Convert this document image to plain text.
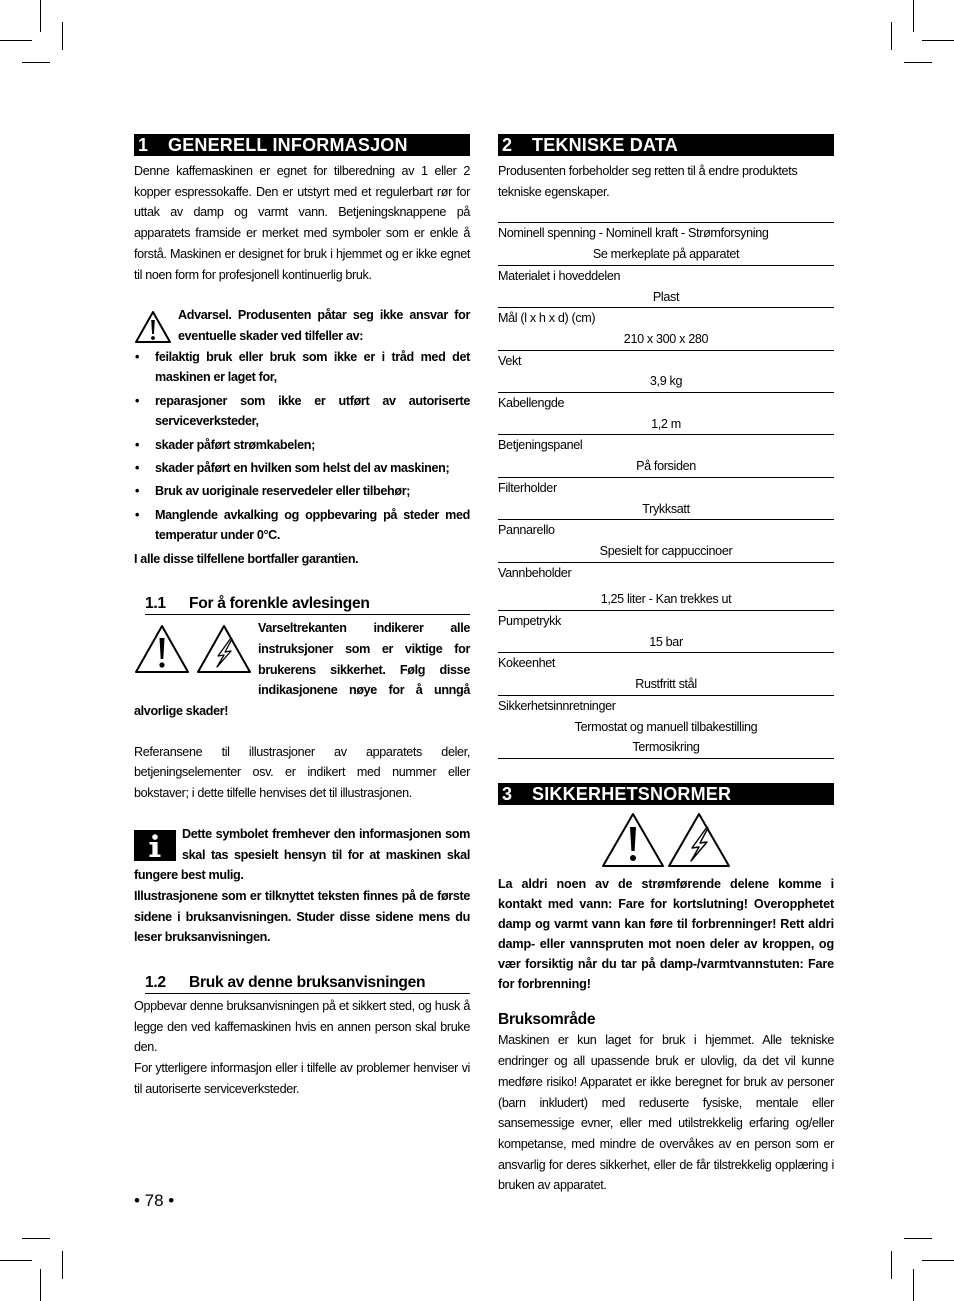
1 GENERELL INFORMASJON

Denne kaffemaskinen er egnet for tilberedning av 1 eller 2 kopper espressokaffe. Den er utstyrt med et regulerbart rør for uttak av damp og varmt vann. Betjeningsknappene på apparatets framside er merket med symboler som er enkle å forstå. Maskinen er designet for bruk i hjemmet og er ikke egnet til noen form for profesjonell kontinuerlig bruk.

Advarsel. Produsenten påtar seg ikke ansvar for eventuelle skader ved tilfeller av:

• feilaktig bruk eller bruk som ikke er i tråd med det maskinen er laget for,
• reparasjoner som ikke er utført av autoriserte serviceverksteder,
• skader påført strømkabelen;
• skader påført en hvilken som helst del av maskinen;
• Bruk av uoriginale reservedeler eller tilbehør;
• Manglende avkalking og oppbevaring på steder med temperatur under 0°C.

I alle disse tilfellene bortfaller garantien.

1.1 For å forenkle avlesingen

Varseltrekanten indikerer alle instruksjoner som er viktige for brukerens sikkerhet. Følg disse indikasjonene nøye for å unngå alvorlige skader!

Referansene til illustrasjoner av apparatets deler, betjeningselementer osv. er indikert med nummer eller bokstaver; i dette tilfelle henvises det til illustrasjonen.

Dette symbolet fremhever den informasjonen som skal tas spesielt hensyn til for at maskinen skal fungere best mulig.

Illustrasjonene som er tilknyttet teksten finnes på de første sidene i bruksanvisningen. Studer disse sidene mens du leser bruksanvisningen.

1.2 Bruk av denne bruksanvisningen

Oppbevar denne bruksanvisningen på et sikkert sted, og husk å legge den ved kaffemaskinen hvis en annen person skal bruke den.

For ytterligere informasjon eller i tilfelle av problemer henviser vi til autoriserte serviceverksteder.

2 TEKNISKE DATA

Produsenten forbeholder seg retten til å endre produktets tekniske egenskaper.

Nominell spenning - Nominell kraft - Strømforsyning
Se merkeplate på apparatet
Materialet i hoveddelen
Plast
Mål (l x h x d) (cm)
210 x 300 x 280
Vekt
3,9 kg
Kabellengde
1,2 m
Betjeningspanel
På forsiden
Filterholder
Trykksatt
Pannarello
Spesielt for cappuccinoer
Vannbeholder
1,25 liter - Kan trekkes ut
Pumpetrykk
15 bar
Kokeenhet
Rustfritt stål
Sikkerhetsinnretninger
Termostat og manuell tilbakestilling
Termosikring
3 SIKKERHETSNORMER

La aldri noen av de strømførende delene komme i kontakt med vann: Fare for kortslutning! Overopphetet damp og varmt vann kan føre til forbrenninger! Rett aldri damp- eller vannspruten mot noen deler av kroppen, og vær forsiktig når du tar på damp-/varmtvannstuten: Fare for forbrenning!

Bruksområde

Maskinen er kun laget for bruk i hjemmet. Alle tekniske endringer og all upassende bruk er ulovlig, da det vil kunne medføre risiko! Apparatet er ikke beregnet for bruk av personer (barn inkludert) med reduserte fysiske, mentale eller sansemessige evner, eller med utilstrekkelig erfaring og/eller kompetanse, med mindre de overvåkes av en person som er ansvarlig for deres sikkerhet, eller de får tilstrekkelig opplæring i bruken av apparatet.

• 78 •
